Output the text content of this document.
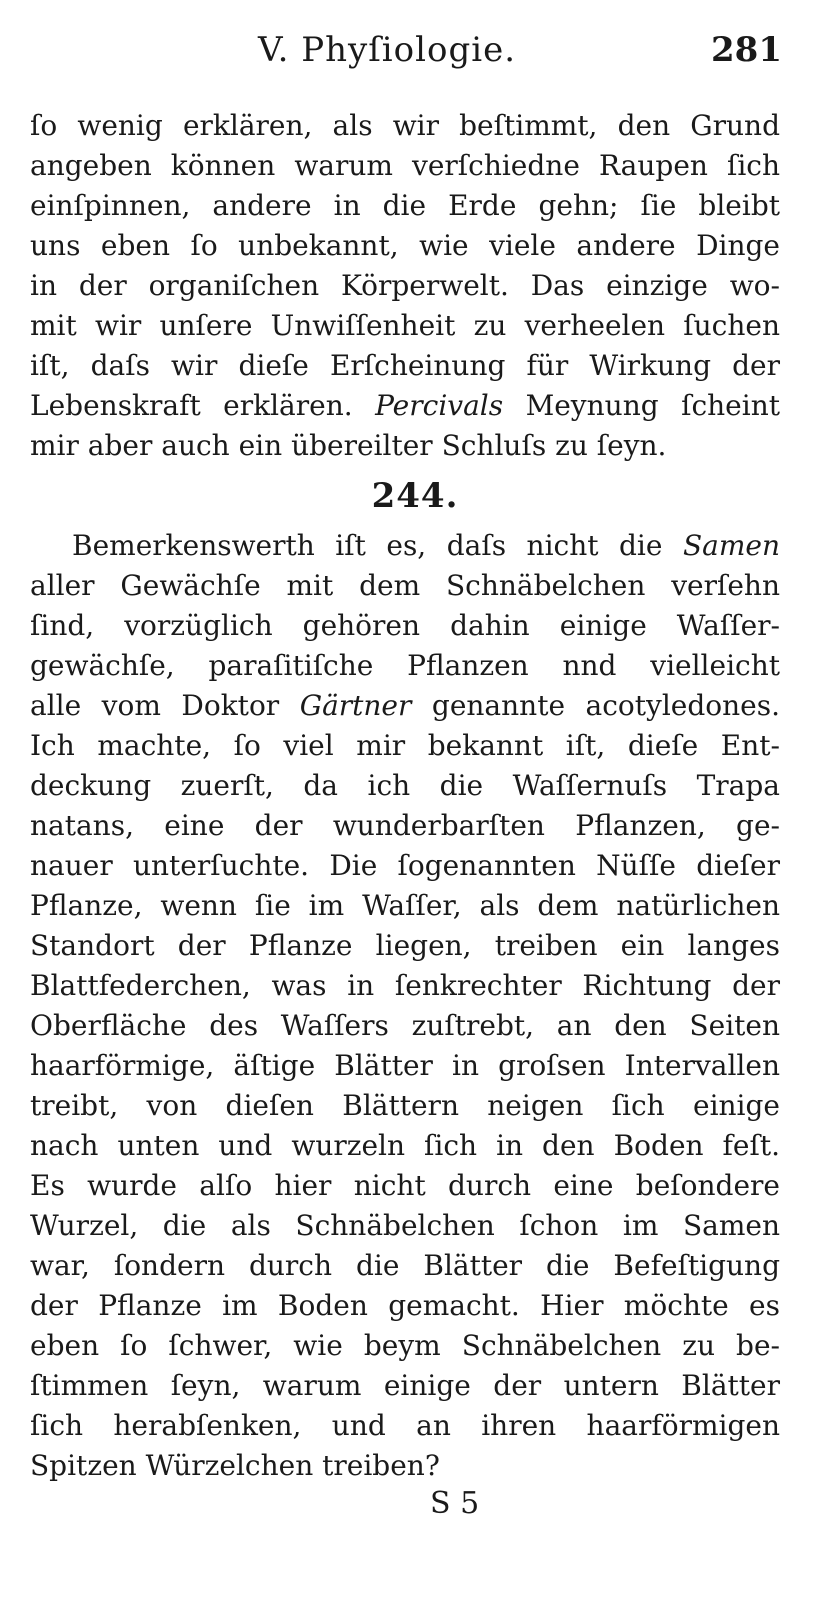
V. Phyſiologie.	281
ſo wenig erklären, als wir beſtimmt, den Grund
angeben können warum verſchiedne Raupen ſich
einſpinnen, andere in die Erde gehn; ſie bleibt
uns eben ſo unbekannt, wie viele andere Dinge
in der organiſchen Körperwelt. Das einzige wo-
mit wir unſere Unwiſſenheit zu verheelen ſuchen
iſt, daſs wir dieſe Erſcheinung für Wirkung der
Lebenskraft erklären. Percivals Meynung ſcheint
mir aber auch ein übereilter Schluſs zu ſeyn.
244.
Bemerkenswerth iſt es, daſs nicht die Samen
aller Gewächſe mit dem Schnäbelchen verſehn
ſind, vorzüglich gehören dahin einige Waſſer-
gewächſe, paraſitiſche Pflanzen nnd vielleicht
alle vom Doktor Gärtner genannte acotyledones.
Ich machte, ſo viel mir bekannt iſt, dieſe Ent-
deckung zuerſt, da ich die Waſſernuſs Trapa
natans, eine der wunderbarſten Pflanzen, ge-
nauer unterſuchte. Die ſogenannten Nüſſe dieſer
Pflanze, wenn ſie im Waſſer, als dem natürlichen
Standort der Pflanze liegen, treiben ein langes
Blattfederchen, was in ſenkrechter Richtung der
Oberfläche des Waſſers zuſtrebt, an den Seiten
haarförmige, äſtige Blätter in groſsen Intervallen
treibt, von dieſen Blättern neigen ſich einige
nach unten und wurzeln ſich in den Boden feſt.
Es wurde alſo hier nicht durch eine beſondere
Wurzel, die als Schnäbelchen ſchon im Samen
war, ſondern durch die Blätter die Befeſtigung
der Pflanze im Boden gemacht. Hier möchte es
eben ſo ſchwer, wie beym Schnäbelchen zu be-
ſtimmen ſeyn, warum einige der untern Blätter
ſich herabſenken, und an ihren haarförmigen
Spitzen Würzelchen treiben?
S 5
